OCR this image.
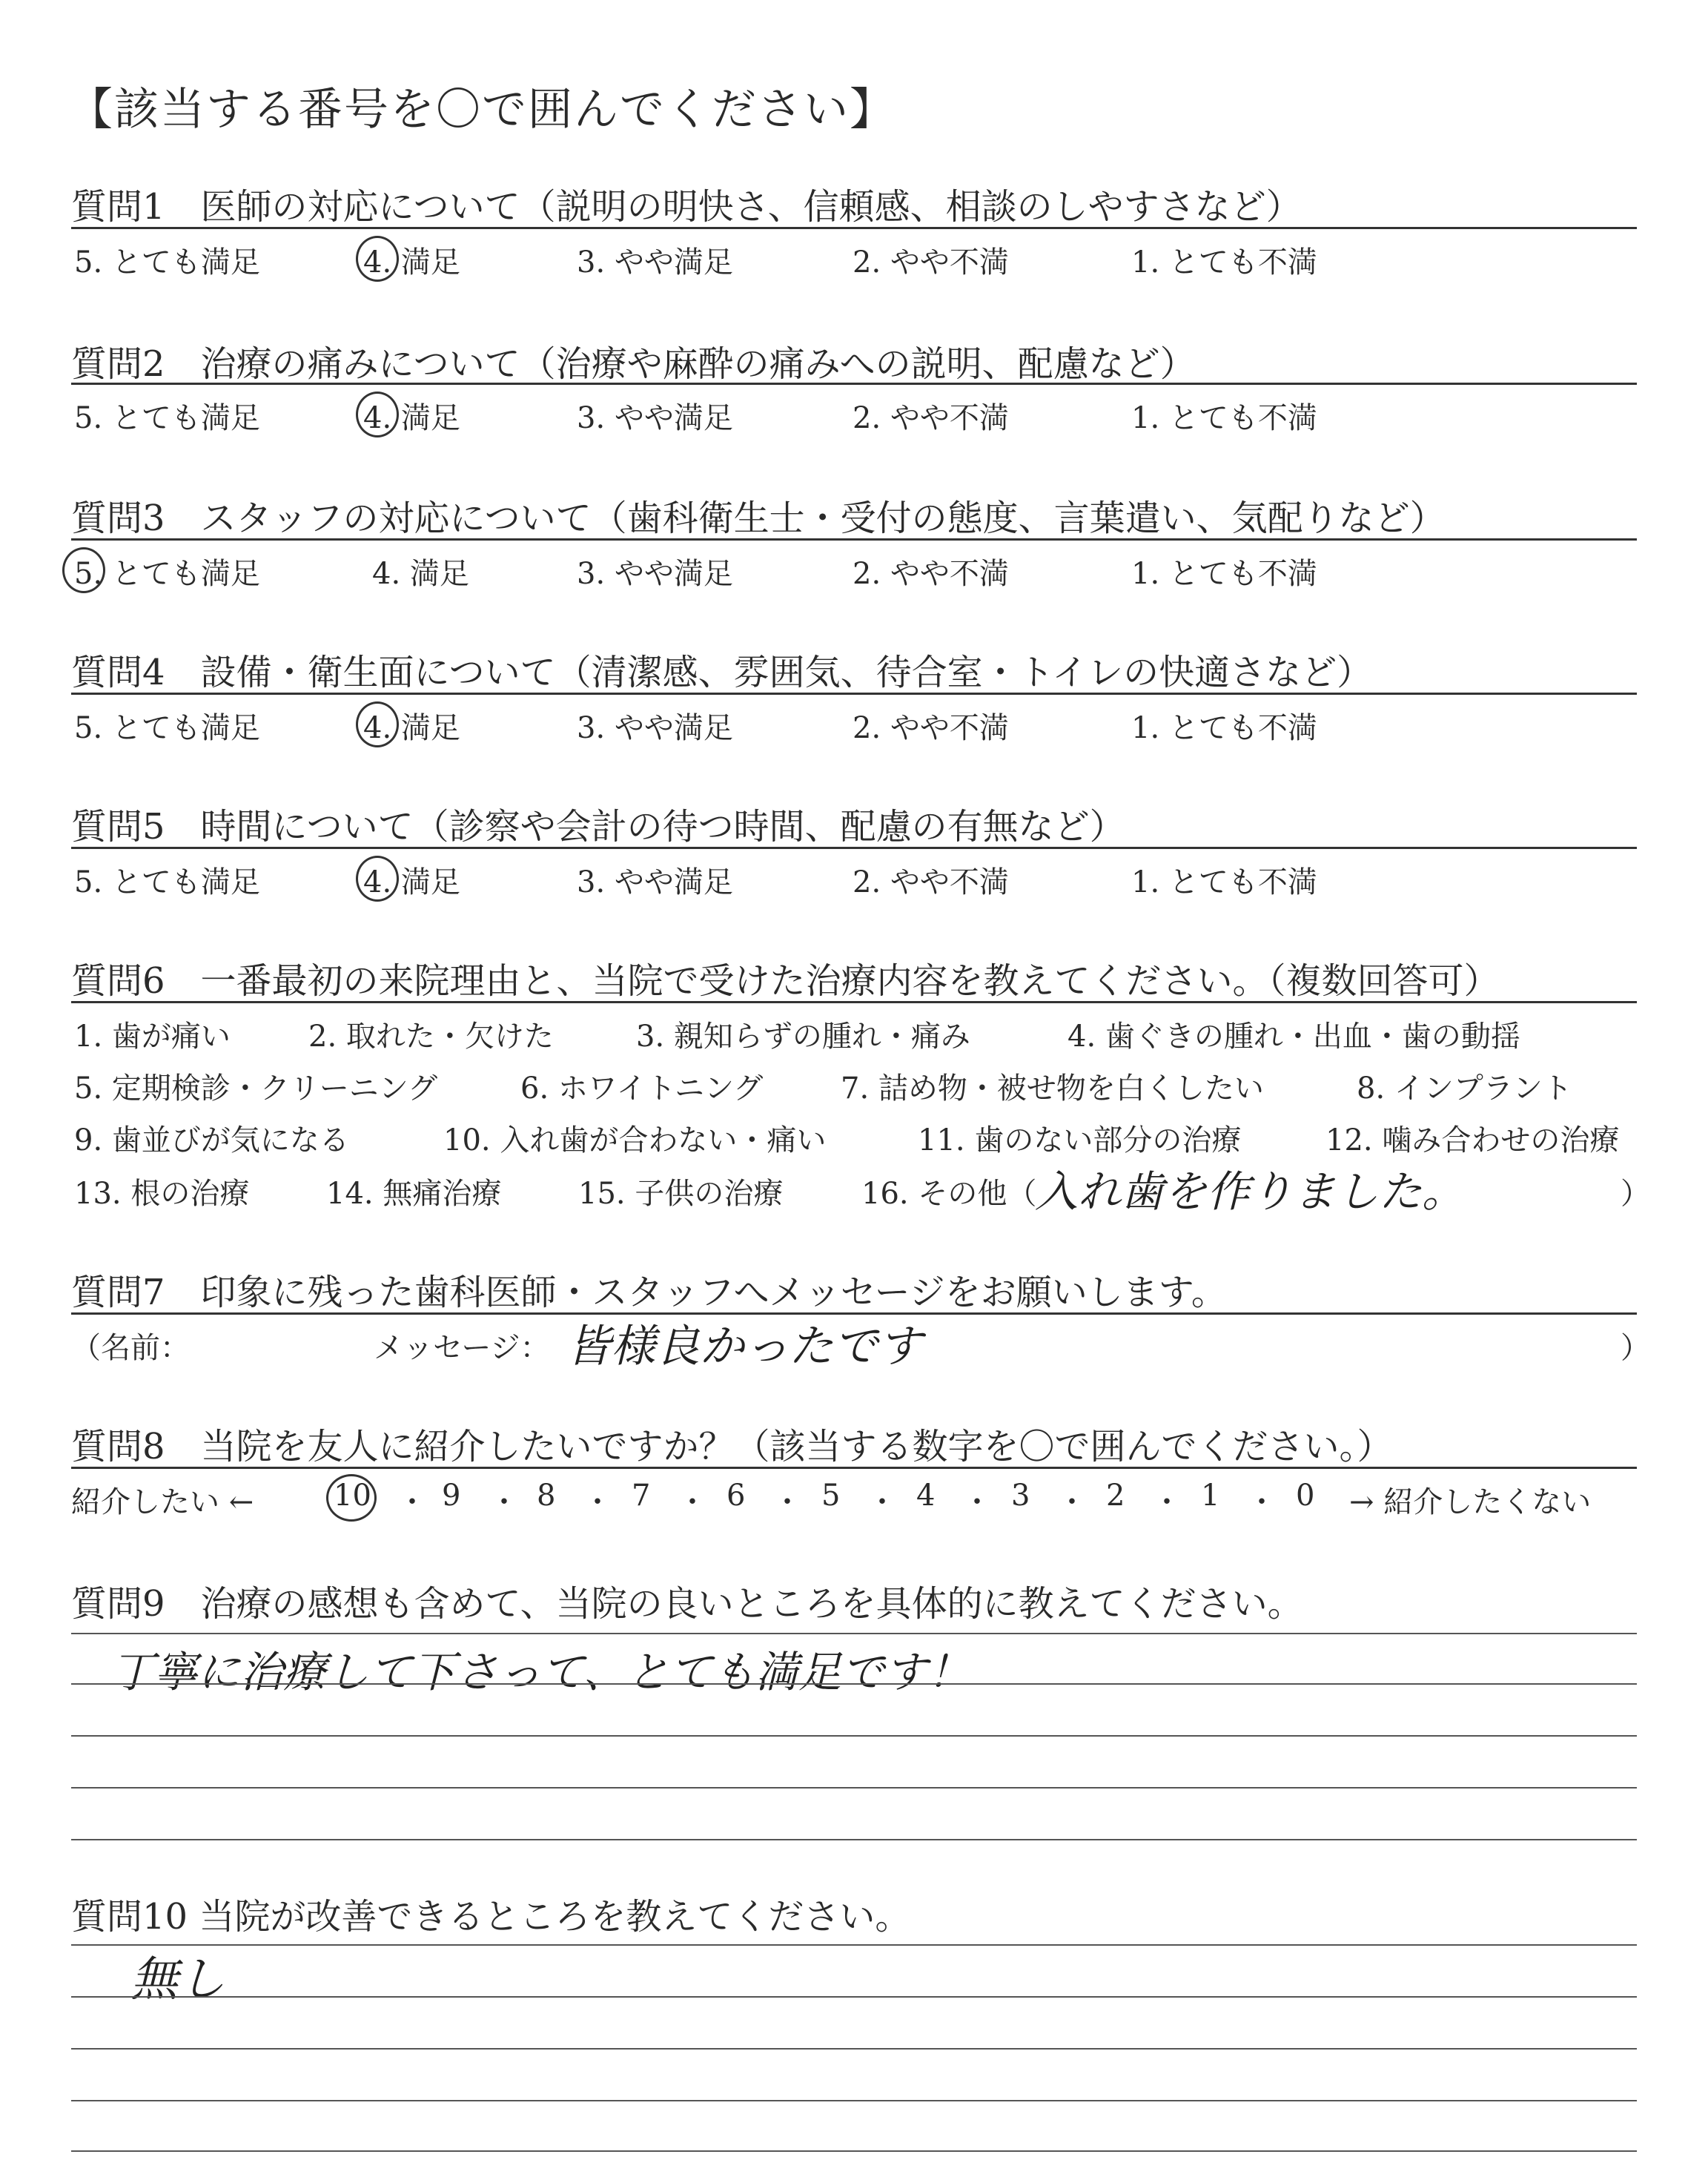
【該当する番号を〇で囲んでください】
質問1　医師の対応について（説明の明快さ、信頼感、相談のしやすさなど）
5. とても満足	4. 満足	3. やや満足	2. やや不満	1. とても不満
質問2　治療の痛みについて（治療や麻酔の痛みへの説明、配慮など）
5. とても満足	4. 満足	3. やや満足	2. やや不満	1. とても不満
質問3　スタッフの対応について（歯科衛生士・受付の態度、言葉遣い、気配りなど）
5. とても満足	4. 満足	3. やや満足	2. やや不満	1. とても不満
質問4　設備・衛生面について（清潔感、雰囲気、待合室・トイレの快適さなど）
5. とても満足	4. 満足	3. やや満足	2. やや不満	1. とても不満
質問5　時間について（診察や会計の待つ時間、配慮の有無など）
5. とても満足	4. 満足	3. やや満足	2. やや不満	1. とても不満
質問6　一番最初の来院理由と、当院で受けた治療内容を教えてください。（複数回答可）
1. 歯が痛い	2. 取れた・欠けた	3. 親知らずの腫れ・痛み	4. 歯ぐきの腫れ・出血・歯の動揺
5. 定期検診・クリーニング	6. ホワイトニング	7. 詰め物・被せ物を白くしたい	8. インプラント
9. 歯並びが気になる	10. 入れ歯が合わない・痛い	11. 歯のない部分の治療	12. 噛み合わせの治療
13. 根の治療	14. 無痛治療	15. 子供の治療	16. その他（
入れ歯を作りました。	）
質問7　印象に残った歯科医師・スタッフへメッセージをお願いします。
（名前：	メッセージ： 皆様良かったです	）
質問8　当院を友人に紹介したいですか？（該当する数字を〇で囲んでください。）
紹介したい ←	10 ・ 9 ・ 8 ・ 7 ・ 6 ・ 5 ・ 4 ・ 3 ・ 2 ・ 1 ・ 0 → 紹介したくない
質問9　治療の感想も含めて、当院の良いところを具体的に教えてください。
丁寧に治療して下さって、とても満足です！
質問10 当院が改善できるところを教えてください。
無し
